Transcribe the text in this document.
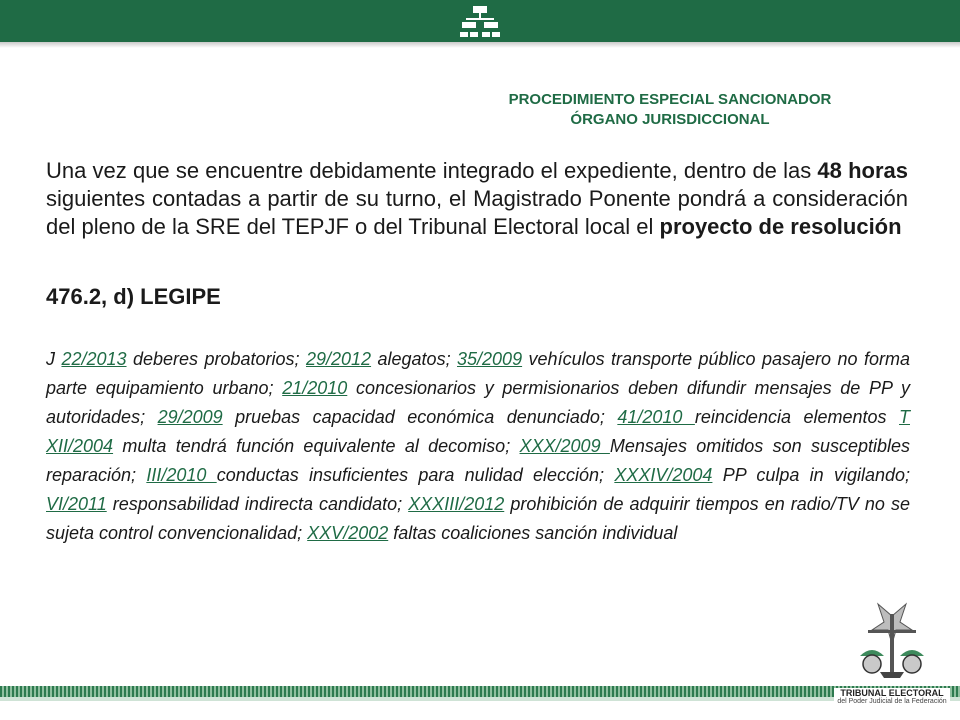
PROCEDIMIENTO ESPECIAL SANCIONADOR
ÓRGANO JURISDICCIONAL

Una vez que se encuentre debidamente integrado el expediente, dentro de las 48 horas siguientes contadas a partir de su turno, el Magistrado Ponente pondrá a consideración del pleno de la SRE del TEPJF o del Tribunal Electoral local el proyecto de resolución

476.2, d) LEGIPE

J 22/2013 deberes probatorios; 29/2012 alegatos; 35/2009 vehículos transporte público pasajero no forma parte equipamiento urbano; 21/2010 concesionarios y permisionarios deben difundir mensajes de PP y autoridades; 29/2009 pruebas capacidad económica denunciado; 41/2010 reincidencia elementos T XII/2004 multa tendrá función equivalente al decomiso; XXX/2009 Mensajes omitidos son susceptibles reparación; III/2010 conductas insuficientes para nulidad elección; XXXIV/2004 PP culpa in vigilando; VI/2011 responsabilidad indirecta candidato; XXXIII/2012 prohibición de adquirir tiempos en radio/TV no se sujeta control convencionalidad; XXV/2002 faltas coaliciones sanción individual

TRIBUNAL ELECTORAL
del Poder Judicial de la Federación
